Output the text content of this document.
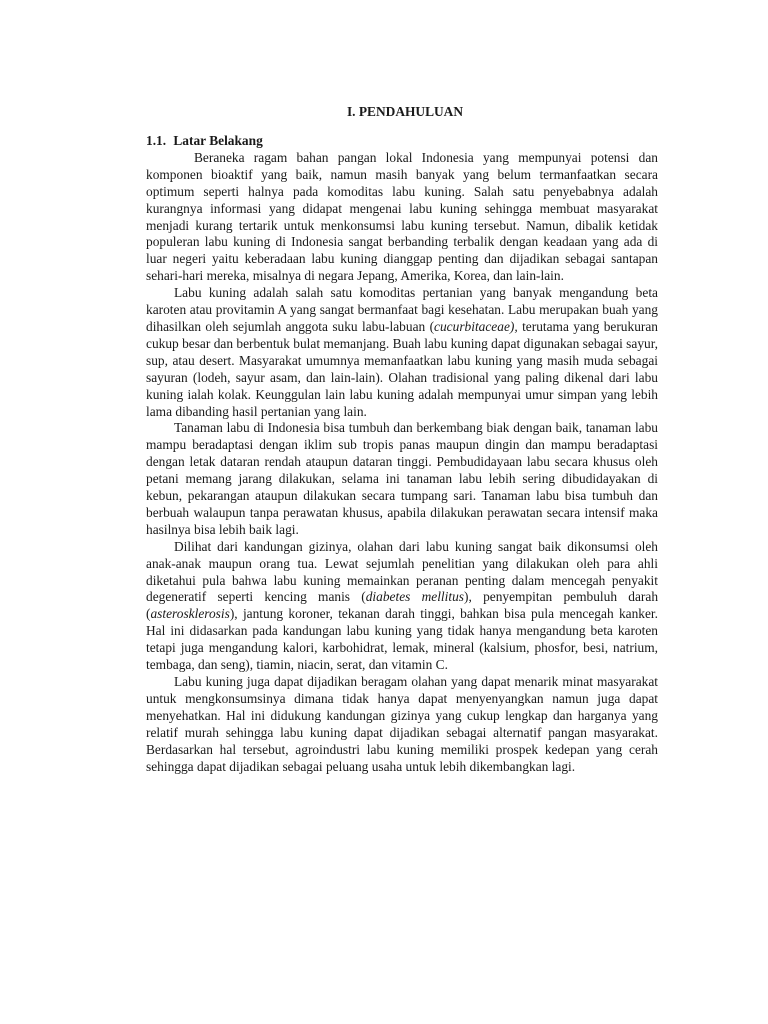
I. PENDAHULUAN
1.1. Latar Belakang

Beraneka ragam bahan pangan lokal Indonesia yang mempunyai potensi dan komponen bioaktif yang baik, namun masih banyak yang belum termanfaatkan secara optimum seperti halnya pada komoditas labu kuning. Salah satu penyebabnya adalah kurangnya informasi yang didapat mengenai labu kuning sehingga membuat masyarakat menjadi kurang tertarik untuk menkonsumsi labu kuning tersebut. Namun, dibalik ketidak populeran labu kuning di Indonesia sangat berbanding terbalik dengan keadaan yang ada di luar negeri yaitu keberadaan labu kuning dianggap penting dan dijadikan sebagai santapan sehari-hari mereka, misalnya di negara Jepang, Amerika, Korea, dan lain-lain.

Labu kuning adalah salah satu komoditas pertanian yang banyak mengandung beta karoten atau provitamin A yang sangat bermanfaat bagi kesehatan. Labu merupakan buah yang dihasilkan oleh sejumlah anggota suku labu-labuan (cucurbitaceae), terutama yang berukuran cukup besar dan berbentuk bulat memanjang. Buah labu kuning dapat digunakan sebagai sayur, sup, atau desert. Masyarakat umumnya memanfaatkan labu kuning yang masih muda sebagai sayuran (lodeh, sayur asam, dan lain-lain). Olahan tradisional yang paling dikenal dari labu kuning ialah kolak. Keunggulan lain labu kuning adalah mempunyai umur simpan yang lebih lama dibanding hasil pertanian yang lain.

Tanaman labu di Indonesia bisa tumbuh dan berkembang biak dengan baik, tanaman labu mampu beradaptasi dengan iklim sub tropis panas maupun dingin dan mampu beradaptasi dengan letak dataran rendah ataupun dataran tinggi. Pembudidayaan labu secara khusus oleh petani memang jarang dilakukan, selama ini tanaman labu lebih sering dibudidayakan di kebun, pekarangan ataupun dilakukan secara tumpang sari. Tanaman labu bisa tumbuh dan berbuah walaupun tanpa perawatan khusus, apabila dilakukan perawatan secara intensif maka hasilnya bisa lebih baik lagi.

Dilihat dari kandungan gizinya, olahan dari labu kuning sangat baik dikonsumsi oleh anak-anak maupun orang tua. Lewat sejumlah penelitian yang dilakukan oleh para ahli diketahui pula bahwa labu kuning memainkan peranan penting dalam mencegah penyakit degeneratif seperti kencing manis (diabetes mellitus), penyempitan pembuluh darah (asterosklerosis), jantung koroner, tekanan darah tinggi, bahkan bisa pula mencegah kanker. Hal ini didasarkan pada kandungan labu kuning yang tidak hanya mengandung beta karoten tetapi juga mengandung kalori, karbohidrat, lemak, mineral (kalsium, phosfor, besi, natrium, tembaga, dan seng), tiamin, niacin, serat, dan vitamin C.

Labu kuning juga dapat dijadikan beragam olahan yang dapat menarik minat masyarakat untuk mengkonsumsinya dimana tidak hanya dapat menyenyangkan namun juga dapat menyehatkan. Hal ini didukung kandungan gizinya yang cukup lengkap dan harganya yang relatif murah sehingga labu kuning dapat dijadikan sebagai alternatif pangan masyarakat. Berdasarkan hal tersebut, agroindustri labu kuning memiliki prospek kedepan yang cerah sehingga dapat dijadikan sebagai peluang usaha untuk lebih dikembangkan lagi.
